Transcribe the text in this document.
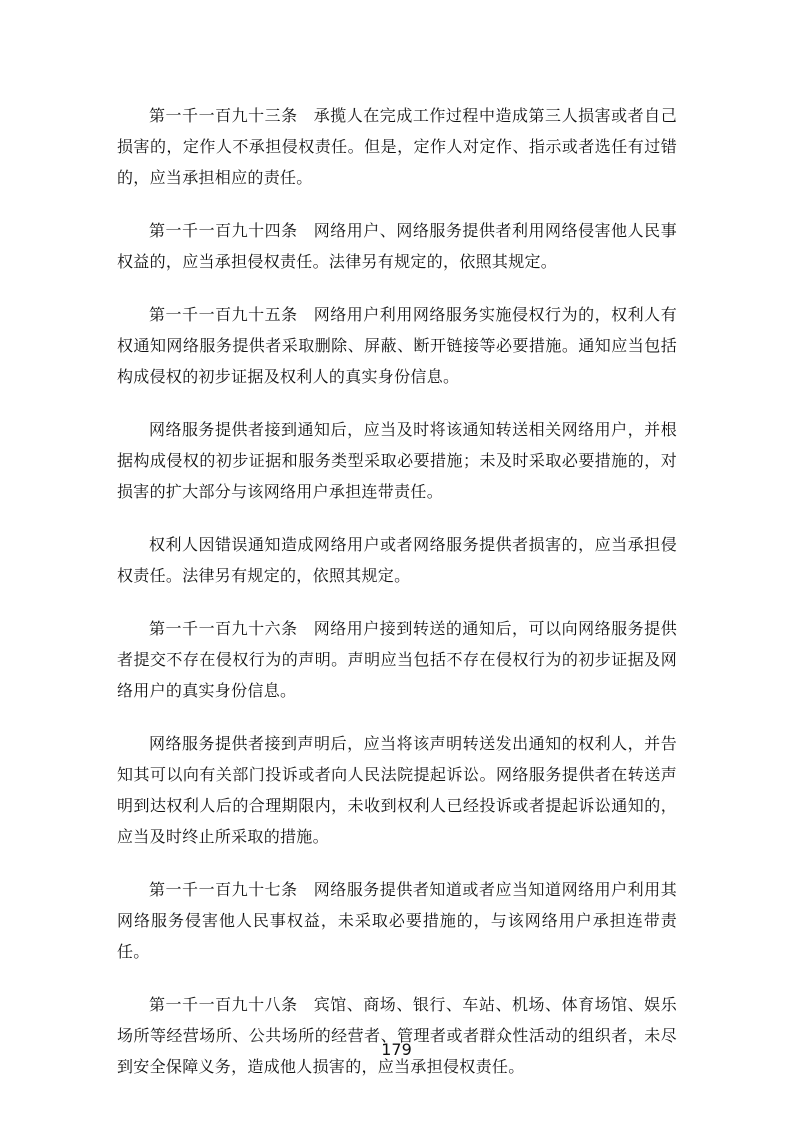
第一千一百九十三条 承揽人在完成工作过程中造成第三人损害或者自己损害的，定作人不承担侵权责任。但是，定作人对定作、指示或者选任有过错的，应当承担相应的责任。

第一千一百九十四条 网络用户、网络服务提供者利用网络侵害他人民事权益的，应当承担侵权责任。法律另有规定的，依照其规定。

第一千一百九十五条 网络用户利用网络服务实施侵权行为的，权利人有权通知网络服务提供者采取删除、屏蔽、断开链接等必要措施。通知应当包括构成侵权的初步证据及权利人的真实身份信息。

网络服务提供者接到通知后，应当及时将该通知转送相关网络用户，并根据构成侵权的初步证据和服务类型采取必要措施；未及时采取必要措施的，对损害的扩大部分与该网络用户承担连带责任。

权利人因错误通知造成网络用户或者网络服务提供者损害的，应当承担侵权责任。法律另有规定的，依照其规定。

第一千一百九十六条 网络用户接到转送的通知后，可以向网络服务提供者提交不存在侵权行为的声明。声明应当包括不存在侵权行为的初步证据及网络用户的真实身份信息。

网络服务提供者接到声明后，应当将该声明转送发出通知的权利人，并告知其可以向有关部门投诉或者向人民法院提起诉讼。网络服务提供者在转送声明到达权利人后的合理期限内，未收到权利人已经投诉或者提起诉讼通知的，应当及时终止所采取的措施。

第一千一百九十七条 网络服务提供者知道或者应当知道网络用户利用其网络服务侵害他人民事权益，未采取必要措施的，与该网络用户承担连带责任。

第一千一百九十八条 宾馆、商场、银行、车站、机场、体育场馆、娱乐场所等经营场所、公共场所的经营者、管理者或者群众性活动的组织者，未尽到安全保障义务，造成他人损害的，应当承担侵权责任。

179
